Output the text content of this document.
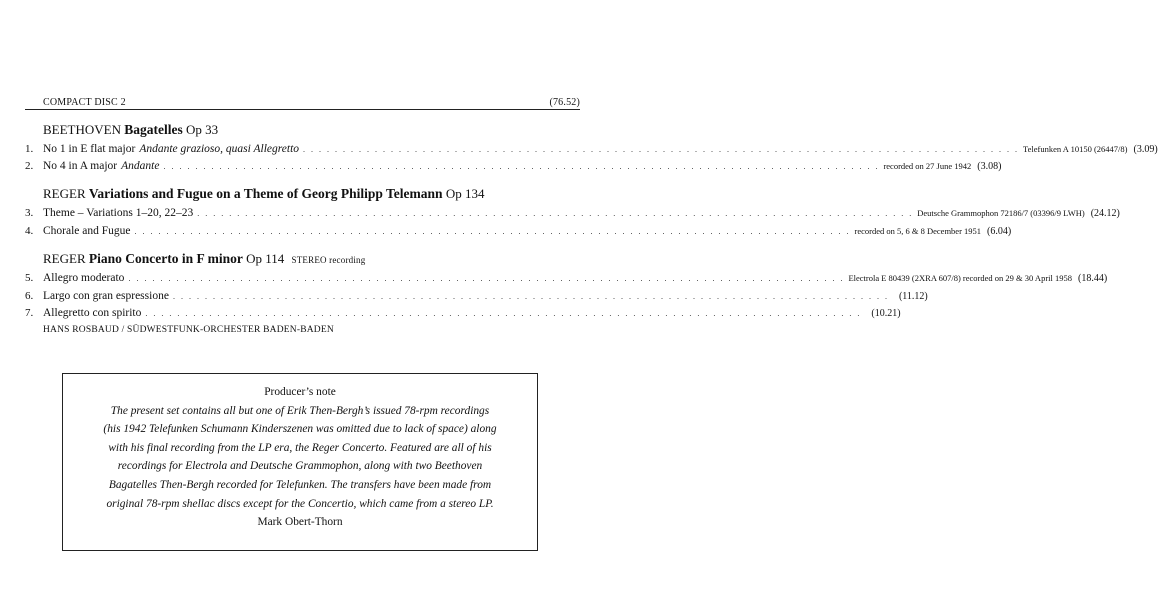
COMPACT DISC 2	(76.52)
BEETHOVEN Bagatelles Op 33
1. No 1 in E flat major Andante grazioso, quasi Allegretto . . . . . . . . . . . . . . . . . . . . . . . . . . . . . . . . . . . . . . . . . . . . . . . . . . . . . . . . . . . . . . . . . . . . . . . . . . . . . . . . . . . . . . . . . . Telefunken A 10150 (26447/8) (3.09)
2. No 4 in A major Andante . . . . . . . . . . . . . . . . . . . . . . . . . . . . . . . . . . . . . . . . . . . . . . . . . . . . . . . . . . . . . . . . . . . . . . . . . . . . . . . . . . . . . . . . . . recorded on 27 June 1942 (3.08)
REGER Variations and Fugue on a Theme of Georg Philipp Telemann Op 134
3. Theme – Variations 1–20, 22–23 . . . . . . . . . . . . . . . . . . . . . . . . . . . . . . . . . . . . . . . . . . . . . . . . . . . . . . . . . . . . . . . . . . . . . . . . . . . . . . . . . . . . . . . . . . Deutsche Grammophon 72186/7 (03396/9 LWH) (24.12)
4. Chorale and Fugue . . . . . . . . . . . . . . . . . . . . . . . . . . . . . . . . . . . . . . . . . . . . . . . . . . . . . . . . . . . . . . . . . . . . . . . . . . . . . . . . . . . . . . . . . . recorded on 5, 6 & 8 December 1951 (6.04)
REGER Piano Concerto in F minor Op 114 STEREO recording
5. Allegro moderato . . . . . . . . . . . . . . . . . . . . . . . . . . . . . . . . . . . . . . . . . . . . . . . . . . . . . . . . . . . . . . . . . . . . . . . . . . . . . . . . . . . . . . . . . . Electrola E 80439 (2XRA 607/8) recorded on 29 & 30 April 1958 (18.44)
6. Largo con gran espressione . . . . . . . . . . . . . . . . . . . . . . . . . . . . . . . . . . . . . . . . . . . . . . . . . . . . . . . . . . . . . . . . . . . . . . . . . . . . . . . . . . . . . . . . . . (11.12)
7. Allegretto con spirito . . . . . . . . . . . . . . . . . . . . . . . . . . . . . . . . . . . . . . . . . . . . . . . . . . . . . . . . . . . . . . . . . . . . . . . . . . . . . . . . . . . . . . . . . . (10.21)
HANS ROSBAUD / SÜDWESTFUNK-ORCHESTER BADEN-BADEN
Producer’s note
The present set contains all but one of Erik Then-Bergh’s issued 78-rpm recordings
(his 1942 Telefunken Schumann Kinderszenen was omitted due to lack of space) along
with his final recording from the LP era, the Reger Concerto. Featured are all of his
recordings for Electrola and Deutsche Grammophon, along with two Beethoven
Bagatelles Then-Bergh recorded for Telefunken. The transfers have been made from
original 78-rpm shellac discs except for the Concertio, which came from a stereo LP.
Mark Obert-Thorn
